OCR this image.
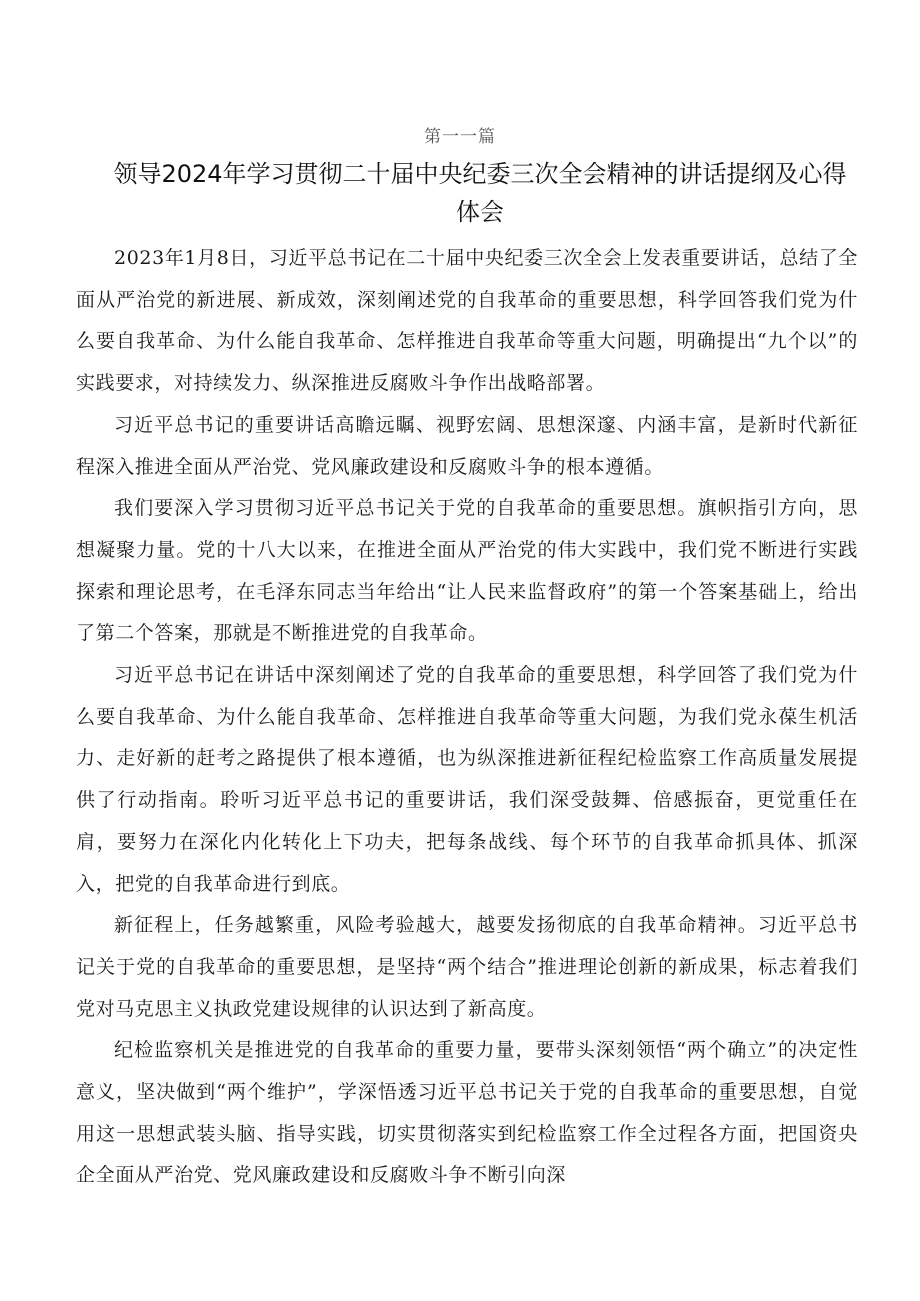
第一一篇
领导2024年学习贯彻二十届中央纪委三次全会精神的讲话提纲及心得体会

2023年1月8日，习近平总书记在二十届中央纪委三次全会上发表重要讲话，总结了全面从严治党的新进展、新成效，深刻阐述党的自我革命的重要思想，科学回答我们党为什么要自我革命、为什么能自我革命、怎样推进自我革命等重大问题，明确提出“九个以”的实践要求，对持续发力、纵深推进反腐败斗争作出战略部署。

习近平总书记的重要讲话高瞻远瞩、视野宏阔、思想深邃、内涵丰富，是新时代新征程深入推进全面从严治党、党风廉政建设和反腐败斗争的根本遵循。

我们要深入学习贯彻习近平总书记关于党的自我革命的重要思想。旗帜指引方向，思想凝聚力量。党的十八大以来，在推进全面从严治党的伟大实践中，我们党不断进行实践探索和理论思考，在毛泽东同志当年给出“让人民来监督政府”的第一个答案基础上，给出了第二个答案，那就是不断推进党的自我革命。

习近平总书记在讲话中深刻阐述了党的自我革命的重要思想，科学回答了我们党为什么要自我革命、为什么能自我革命、怎样推进自我革命等重大问题，为我们党永葆生机活力、走好新的赶考之路提供了根本遵循，也为纵深推进新征程纪检监察工作高质量发展提供了行动指南。聆听习近平总书记的重要讲话，我们深受鼓舞、倍感振奋，更觉重任在肩，要努力在深化内化转化上下功夫，把每条战线、每个环节的自我革命抓具体、抓深入，把党的自我革命进行到底。

新征程上，任务越繁重，风险考验越大，越要发扬彻底的自我革命精神。习近平总书记关于党的自我革命的重要思想，是坚持“两个结合”推进理论创新的新成果，标志着我们党对马克思主义执政党建设规律的认识达到了新高度。

纪检监察机关是推进党的自我革命的重要力量，要带头深刻领悟“两个确立”的决定性意义，坚决做到“两个维护”，学深悟透习近平总书记关于党的自我革命的重要思想，自觉用这一思想武装头脑、指导实践，切实贯彻落实到纪检监察工作全过程各方面，把国资央企全面从严治党、党风廉政建设和反腐败斗争不断引向深
